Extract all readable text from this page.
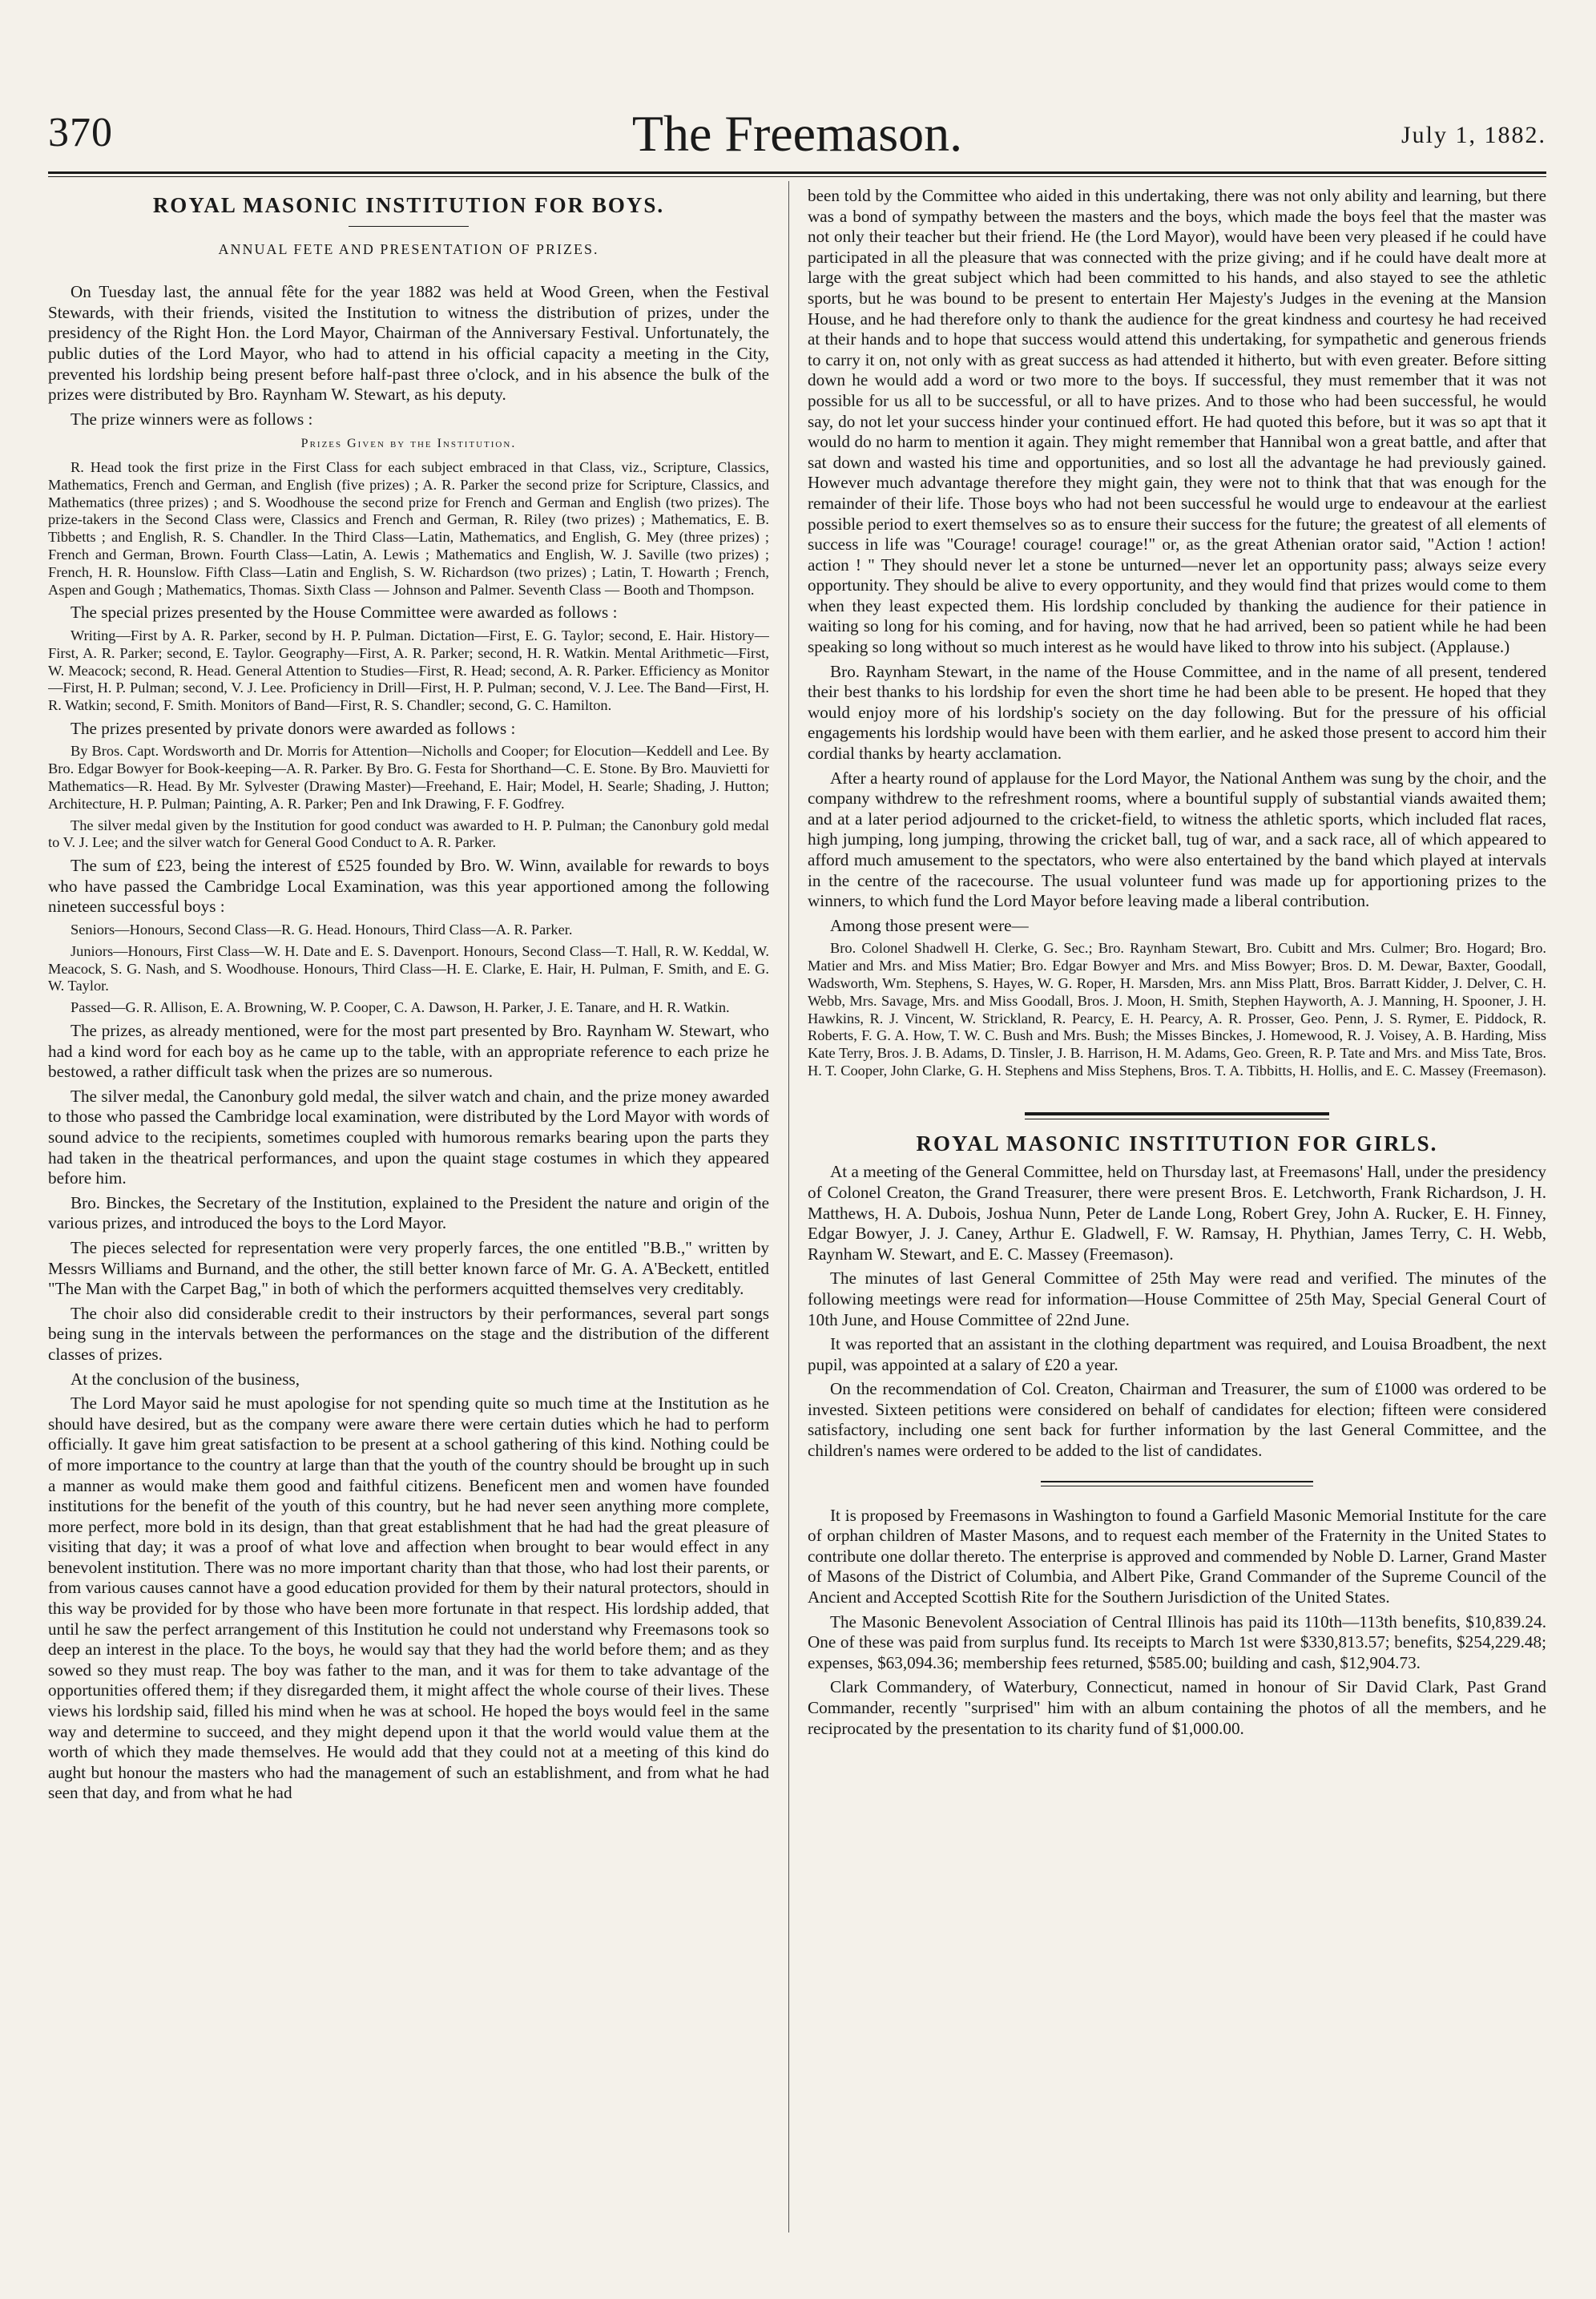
370	The Freemason.	July 1, 1882.
ROYAL MASONIC INSTITUTION FOR BOYS.
ANNUAL FETE AND PRESENTATION OF PRIZES.

On Tuesday last, the annual fête for the year 1882 was held at Wood Green, when the Festival Stewards, with their friends, visited the Institution to witness the distribution of prizes, under the presidency of the Right Hon. the Lord Mayor, Chairman of the Anniversary Festival. Unfortunately, the public duties of the Lord Mayor, who had to attend in his official capacity a meeting in the City, prevented his lordship being present before half-past three o'clock, and in his absence the bulk of the prizes were distributed by Bro. Raynham W. Stewart, as his deputy.

The prize winners were as follows :

Prizes Given by the Institution.

R. Head took the first prize in the First Class for each subject embraced in that Class, viz., Scripture, Classics, Mathematics, French and German, and English (five prizes) ; A. R. Parker the second prize for Scripture, Classics, and Mathematics (three prizes) ; and S. Woodhouse the second prize for French and German and English (two prizes). The prize-takers in the Second Class were, Classics and French and German, R. Riley (two prizes) ; Mathematics, E. B. Tibbetts ; and English, R. S. Chandler. In the Third Class—Latin, Mathematics, and English, G. Mey (three prizes) ; French and German, Brown. Fourth Class—Latin, A. Lewis ; Mathematics and English, W. J. Saville (two prizes) ; French, H. R. Hounslow. Fifth Class—Latin and English, S. W. Richardson (two prizes) ; Latin, T. Howarth ; French, Aspen and Gough ; Mathematics, Thomas. Sixth Class — Johnson and Palmer. Seventh Class — Booth and Thompson.

The special prizes presented by the House Committee were awarded as follows :

Writing—First by A. R. Parker, second by H. P. Pulman. Dictation—First, E. G. Taylor; second, E. Hair. History—First, A. R. Parker; second, E. Taylor. Geography—First, A. R. Parker; second, H. R. Watkin. Mental Arithmetic—First, W. Meacock; second, R. Head. General Attention to Studies—First, R. Head; second, A. R. Parker. Efficiency as Monitor—First, H. P. Pulman; second, V. J. Lee. Proficiency in Drill—First, H. P. Pulman; second, V. J. Lee. The Band—First, H. R. Watkin; second, F. Smith. Monitors of Band—First, R. S. Chandler; second, G. C. Hamilton.

The prizes presented by private donors were awarded as follows :

By Bros. Capt. Wordsworth and Dr. Morris for Attention—Nicholls and Cooper; for Elocution—Keddell and Lee. By Bro. Edgar Bowyer for Book-keeping—A. R. Parker. By Bro. G. Festa for Shorthand—C. E. Stone. By Bro. Mauvietti for Mathematics—R. Head. By Mr. Sylvester (Drawing Master)—Freehand, E. Hair; Model, H. Searle; Shading, J. Hutton; Architecture, H. P. Pulman; Painting, A. R. Parker; Pen and Ink Drawing, F. F. Godfrey.

The silver medal given by the Institution for good conduct was awarded to H. P. Pulman; the Canonbury gold medal to V. J. Lee; and the silver watch for General Good Conduct to A. R. Parker.

The sum of £23, being the interest of £525 founded by Bro. W. Winn, available for rewards to boys who have passed the Cambridge Local Examination, was this year apportioned among the following nineteen successful boys :

Seniors—Honours, Second Class—R. G. Head. Honours, Third Class—A. R. Parker.

Juniors—Honours, First Class—W. H. Date and E. S. Davenport. Honours, Second Class—T. Hall, R. W. Keddal, W. Meacock, S. G. Nash, and S. Woodhouse. Honours, Third Class—H. E. Clarke, E. Hair, H. Pulman, F. Smith, and E. G. W. Taylor.

Passed—G. R. Allison, E. A. Browning, W. P. Cooper, C. A. Dawson, H. Parker, J. E. Tanare, and H. R. Watkin.

The prizes, as already mentioned, were for the most part presented by Bro. Raynham W. Stewart, who had a kind word for each boy as he came up to the table, with an appropriate reference to each prize he bestowed, a rather difficult task when the prizes are so numerous.

The silver medal, the Canonbury gold medal, the silver watch and chain, and the prize money awarded to those who passed the Cambridge local examination, were distributed by the Lord Mayor with words of sound advice to the recipients, sometimes coupled with humorous remarks bearing upon the parts they had taken in the theatrical performances, and upon the quaint stage costumes in which they appeared before him.

Bro. Binckes, the Secretary of the Institution, explained to the President the nature and origin of the various prizes, and introduced the boys to the Lord Mayor.

The pieces selected for representation were very properly farces, the one entitled "B.B.," written by Messrs Williams and Burnand, and the other, the still better known farce of Mr. G. A. A'Beckett, entitled "The Man with the Carpet Bag," in both of which the performers acquitted themselves very creditably.

The choir also did considerable credit to their instructors by their performances, several part songs being sung in the intervals between the performances on the stage and the distribution of the different classes of prizes.

At the conclusion of the business,

The Lord Mayor said he must apologise for not spending quite so much time at the Institution as he should have desired, but as the company were aware there were certain duties which he had to perform officially. It gave him great satisfaction to be present at a school gathering of this kind. Nothing could be of more importance to the country at large than that the youth of the country should be brought up in such a manner as would make them good and faithful citizens. Beneficent men and women have founded institutions for the benefit of the youth of this country, but he had never seen anything more complete, more perfect, more bold in its design, than that great establishment that he had had the great pleasure of visiting that day; it was a proof of what love and affection when brought to bear would effect in any benevolent institution. There was no more important charity than that those, who had lost their parents, or from various causes cannot have a good education provided for them by their natural protectors, should in this way be provided for by those who have been more fortunate in that respect. His lordship added, that until he saw the perfect arrangement of this Institution he could not understand why Freemasons took so deep an interest in the place. To the boys, he would say that they had the world before them; and as they sowed so they must reap. The boy was father to the man, and it was for them to take advantage of the opportunities offered them; if they disregarded them, it might affect the whole course of their lives. These views his lordship said, filled his mind when he was at school. He hoped the boys would feel in the same way and determine to succeed, and they might depend upon it that the world would value them at the worth of which they made themselves. He would add that they could not at a meeting of this kind do aught but honour the masters who had the management of such an establishment, and from what he had seen that day, and from what he had

been told by the Committee who aided in this undertaking, there was not only ability and learning, but there was a bond of sympathy between the masters and the boys, which made the boys feel that the master was not only their teacher but their friend. He (the Lord Mayor), would have been very pleased if he could have participated in all the pleasure that was connected with the prize giving; and if he could have dealt more at large with the great subject which had been committed to his hands, and also stayed to see the athletic sports, but he was bound to be present to entertain Her Majesty's Judges in the evening at the Mansion House, and he had therefore only to thank the audience for the great kindness and courtesy he had received at their hands and to hope that success would attend this undertaking, for sympathetic and generous friends to carry it on, not only with as great success as had attended it hitherto, but with even greater. Before sitting down he would add a word or two more to the boys. If successful, they must remember that it was not possible for us all to be successful, or all to have prizes. And to those who had been successful, he would say, do not let your success hinder your continued effort. He had quoted this before, but it was so apt that it would do no harm to mention it again. They might remember that Hannibal won a great battle, and after that sat down and wasted his time and opportunities, and so lost all the advantage he had previously gained. However much advantage therefore they might gain, they were not to think that that was enough for the remainder of their life. Those boys who had not been successful he would urge to endeavour at the earliest possible period to exert themselves so as to ensure their success for the future; the greatest of all elements of success in life was "Courage! courage! courage!" or, as the great Athenian orator said, "Action ! action! action ! " They should never let a stone be unturned—never let an opportunity pass; always seize every opportunity. They should be alive to every opportunity, and they would find that prizes would come to them when they least expected them. His lordship concluded by thanking the audience for their patience in waiting so long for his coming, and for having, now that he had arrived, been so patient while he had been speaking so long without so much interest as he would have liked to throw into his subject. (Applause.)

Bro. Raynham Stewart, in the name of the House Committee, and in the name of all present, tendered their best thanks to his lordship for even the short time he had been able to be present. He hoped that they would enjoy more of his lordship's society on the day following. But for the pressure of his official engagements his lordship would have been with them earlier, and he asked those present to accord him their cordial thanks by hearty acclamation.

After a hearty round of applause for the Lord Mayor, the National Anthem was sung by the choir, and the company withdrew to the refreshment rooms, where a bountiful supply of substantial viands awaited them; and at a later period adjourned to the cricket-field, to witness the athletic sports, which included flat races, high jumping, long jumping, throwing the cricket ball, tug of war, and a sack race, all of which appeared to afford much amusement to the spectators, who were also entertained by the band which played at intervals in the centre of the racecourse. The usual volunteer fund was made up for apportioning prizes to the winners, to which fund the Lord Mayor before leaving made a liberal contribution.

Among those present were—

Bro. Colonel Shadwell H. Clerke, G. Sec.; Bro. Raynham Stewart, Bro. Cubitt and Mrs. Culmer; Bro. Hogard; Bro. Matier and Mrs. and Miss Matier; Bro. Edgar Bowyer and Mrs. and Miss Bowyer; Bros. D. M. Dewar, Baxter, Goodall, Wadsworth, Wm. Stephens, S. Hayes, W. G. Roper, H. Marsden, Mrs. ann Miss Platt, Bros. Barratt Kidder, J. Delver, C. H. Webb, Mrs. Savage, Mrs. and Miss Goodall, Bros. J. Moon, H. Smith, Stephen Hayworth, A. J. Manning, H. Spooner, J. H. Hawkins, R. J. Vincent, W. Strickland, R. Pearcy, E. H. Pearcy, A. R. Prosser, Geo. Penn, J. S. Rymer, E. Piddock, R. Roberts, F. G. A. How, T. W. C. Bush and Mrs. Bush; the Misses Binckes, J. Homewood, R. J. Voisey, A. B. Harding, Miss Kate Terry, Bros. J. B. Adams, D. Tinsler, J. B. Harrison, H. M. Adams, Geo. Green, R. P. Tate and Mrs. and Miss Tate, Bros. H. T. Cooper, John Clarke, G. H. Stephens and Miss Stephens, Bros. T. A. Tibbitts, H. Hollis, and E. C. Massey (Freemason).

ROYAL MASONIC INSTITUTION FOR GIRLS.

At a meeting of the General Committee, held on Thursday last, at Freemasons' Hall, under the presidency of Colonel Creaton, the Grand Treasurer, there were present Bros. E. Letchworth, Frank Richardson, J. H. Matthews, H. A. Dubois, Joshua Nunn, Peter de Lande Long, Robert Grey, John A. Rucker, E. H. Finney, Edgar Bowyer, J. J. Caney, Arthur E. Gladwell, F. W. Ramsay, H. Phythian, James Terry, C. H. Webb, Raynham W. Stewart, and E. C. Massey (Freemason).

The minutes of last General Committee of 25th May were read and verified. The minutes of the following meetings were read for information—House Committee of 25th May, Special General Court of 10th June, and House Committee of 22nd June.

It was reported that an assistant in the clothing department was required, and Louisa Broadbent, the next pupil, was appointed at a salary of £20 a year.

On the recommendation of Col. Creaton, Chairman and Treasurer, the sum of £1000 was ordered to be invested. Sixteen petitions were considered on behalf of candidates for election; fifteen were considered satisfactory, including one sent back for further information by the last General Committee, and the children's names were ordered to be added to the list of candidates.

It is proposed by Freemasons in Washington to found a Garfield Masonic Memorial Institute for the care of orphan children of Master Masons, and to request each member of the Fraternity in the United States to contribute one dollar thereto. The enterprise is approved and commended by Noble D. Larner, Grand Master of Masons of the District of Columbia, and Albert Pike, Grand Commander of the Supreme Council of the Ancient and Accepted Scottish Rite for the Southern Jurisdiction of the United States.

The Masonic Benevolent Association of Central Illinois has paid its 110th—113th benefits, $10,839.24. One of these was paid from surplus fund. Its receipts to March 1st were $330,813.57; benefits, $254,229.48; expenses, $63,094.36; membership fees returned, $585.00; building and cash, $12,904.73.

Clark Commandery, of Waterbury, Connecticut, named in honour of Sir David Clark, Past Grand Commander, recently "surprised" him with an album containing the photos of all the members, and he reciprocated by the presentation to its charity fund of $1,000.00.
